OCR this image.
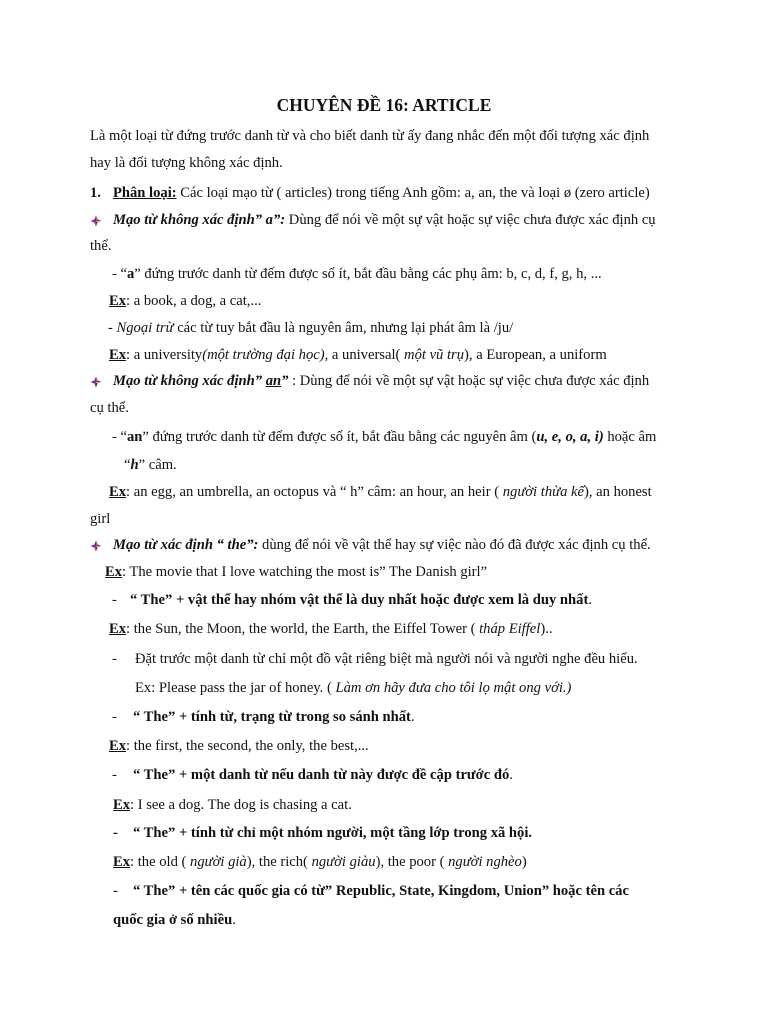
CHUYÊN ĐỀ 16: ARTICLE
Là một loại từ đứng trước danh từ và cho biết danh từ ấy đang nhắc đến một đối tượng xác định
hay là đối tượng không xác định.
1. Phân loại: Các loại mạo từ ( articles) trong tiếng Anh gồm: a, an, the và loại ø (zero article)
Mạo từ không xác định” a”: Dùng để nói về một sự vật hoặc sự việc chưa được xác định cụ
thể.
- “a” đứng trước danh từ đếm được số ít, bắt đầu bằng các phụ âm: b, c, d, f, g, h, ...
Ex: a book, a dog, a cat,...
- Ngoại trừ các từ tuy bắt đầu là nguyên âm, nhưng lại phát âm là /ju/
Ex: a university(một trường đại học), a universal( một vũ trụ), a European, a uniform
Mạo từ không xác định” an” : Dùng để nói về một sự vật hoặc sự việc chưa được xác định
cụ thể.
- “an” đứng trước danh từ đếm được số ít, bắt đầu bằng các nguyên âm (u, e, o, a, i) hoặc âm
“h” câm.
Ex: an egg, an umbrella, an octopus và “ h” câm: an hour, an heir ( người thừa kế), an honest
girl
Mạo từ xác định “ the”: dùng để nói về vật thể hay sự việc nào đó đã được xác định cụ thể.
Ex: The movie that I love watching the most is” The Danish girl”
- “ The” + vật thể hay nhóm vật thể là duy nhất hoặc được xem là duy nhất.
Ex: the Sun, the Moon, the world, the Earth, the Eiffel Tower ( tháp Eiffel)..
- Đặt trước một danh từ chỉ một đồ vật riêng biệt mà người nói và người nghe đều hiểu.
Ex: Please pass the jar of honey. ( Làm ơn hãy đưa cho tôi lọ mật ong với.)
- “ The” + tính từ, trạng từ trong so sánh nhất.
Ex: the first, the second, the only, the best,...
- “ The” + một danh từ nếu danh từ này được đề cập trước đó.
Ex: I see a dog. The dog is chasing a cat.
- “ The” + tính từ chỉ một nhóm người, một tầng lớp trong xã hội.
Ex: the old ( người già), the rich( người giàu), the poor ( người nghèo)
- “ The” + tên các quốc gia có từ” Republic, State, Kingdom, Union” hoặc tên các
quốc gia ở số nhiều.
